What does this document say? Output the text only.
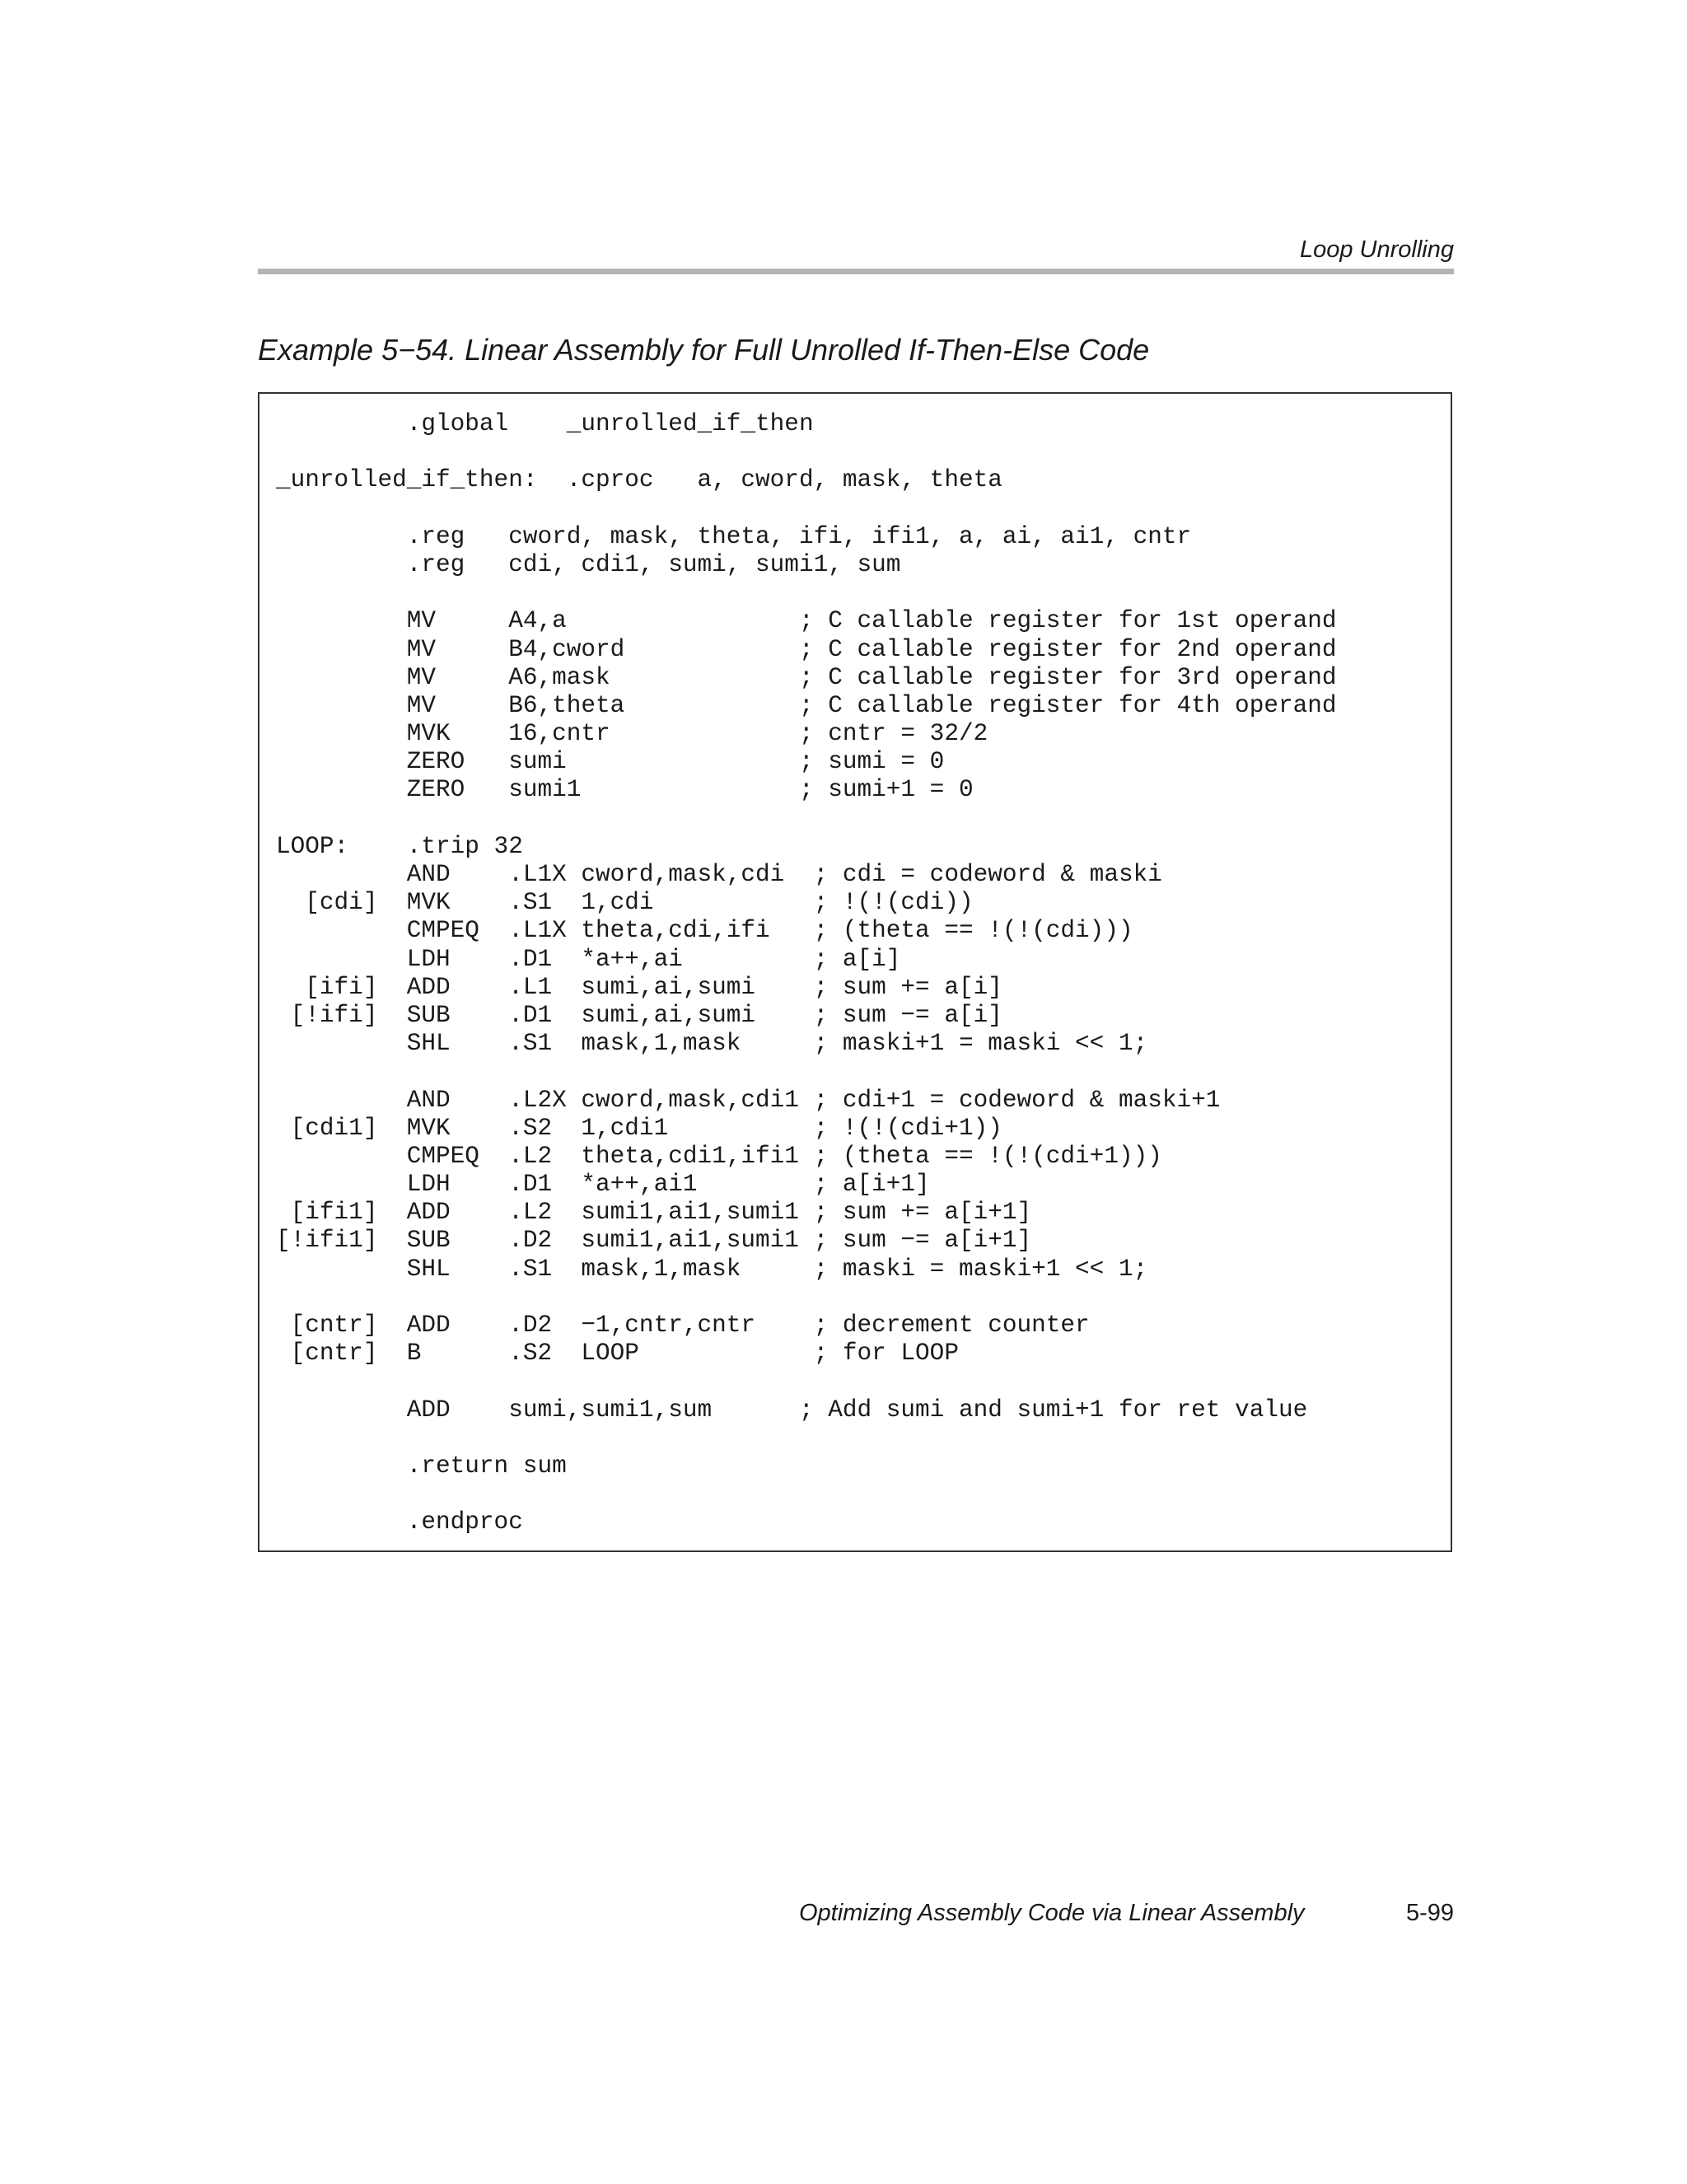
Loop Unrolling
Example 5−54. Linear Assembly for Full Unrolled If-Then-Else Code
.global    _unrolled_if_then
_unrolled_if_then:  .cproc   a, cword, mask, theta
.reg   cword, mask, theta, ifi, ifi1, a, ai, ai1, cntr
.reg   cdi, cdi1, sumi, sumi1, sum
MV     A4,a                ; C callable register for 1st operand
MV     B4,cword            ; C callable register for 2nd operand
MV     A6,mask             ; C callable register for 3rd operand
MV     B6,theta            ; C callable register for 4th operand
MVK    16,cntr             ; cntr = 32/2
ZERO   sumi                ; sumi = 0
ZERO   sumi1               ; sumi+1 = 0
LOOP:    .trip 32
AND    .L1X cword,mask,cdi  ; cdi = codeword & maski
[cdi]  MVK    .S1  1,cdi           ; !(!(cdi))
CMPEQ  .L1X theta,cdi,ifi   ; (theta == !(!(cdi)))
LDH    .D1  *a++,ai         ; a[i]
[ifi]  ADD    .L1  sumi,ai,sumi    ; sum += a[i]
[!ifi]  SUB    .D1  sumi,ai,sumi    ; sum −= a[i]
SHL    .S1  mask,1,mask     ; maski+1 = maski << 1;
AND    .L2X cword,mask,cdi1 ; cdi+1 = codeword & maski+1
[cdi1]  MVK    .S2  1,cdi1          ; !(!(cdi+1))
CMPEQ  .L2  theta,cdi1,ifi1 ; (theta == !(!(cdi+1)))
LDH    .D1  *a++,ai1        ; a[i+1]
[ifi1]  ADD    .L2  sumi1,ai1,sumi1 ; sum += a[i+1]
[!ifi1]  SUB    .D2  sumi1,ai1,sumi1 ; sum −= a[i+1]
SHL    .S1  mask,1,mask     ; maski = maski+1 << 1;
[cntr]  ADD    .D2  −1,cntr,cntr    ; decrement counter
[cntr]  B      .S2  LOOP            ; for LOOP
ADD    sumi,sumi1,sum      ; Add sumi and sumi+1 for ret value
.return sum
.endproc
Optimizing Assembly Code via Linear Assembly	5-99
